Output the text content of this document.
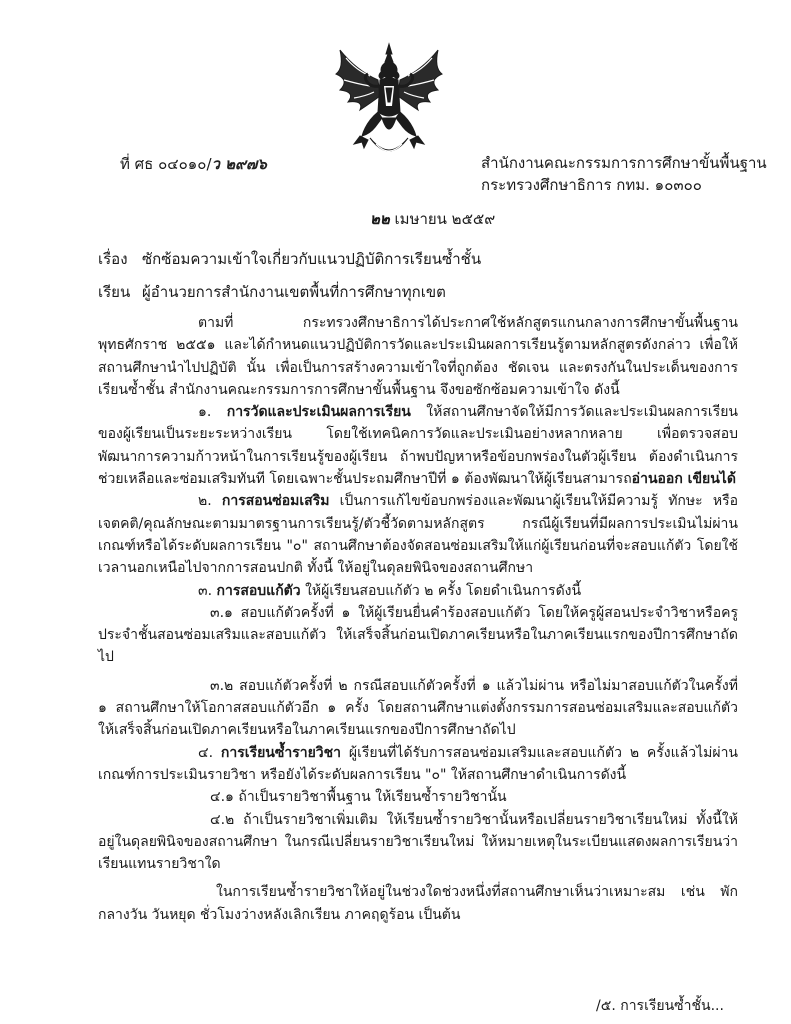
ที่ ศธ ๐๔๐๑๐/ว ๒๙๗๖	สำนักงานคณะกรรมการการศึกษาขั้นพื้นฐาน
กระทรวงศึกษาธิการ กทม. ๑๐๓๐๐
๒๒ เมษายน ๒๕๕๙
เรื่อง ซักซ้อมความเข้าใจเกี่ยวกับแนวปฏิบัติการเรียนซ้ำชั้น
เรียน ผู้อำนวยการสำนักงานเขตพื้นที่การศึกษาทุกเขต

ตามที่ กระทรวงศึกษาธิการได้ประกาศใช้หลักสูตรแกนกลางการศึกษาขั้นพื้นฐาน พุทธศักราช ๒๕๕๑ และได้กำหนดแนวปฏิบัติการวัดและประเมินผลการเรียนรู้ตามหลักสูตรดังกล่าว เพื่อให้สถานศึกษานำไปปฏิบัติ นั้น เพื่อเป็นการสร้างความเข้าใจที่ถูกต้อง ชัดเจน และตรงกันในประเด็นของการเรียนซ้ำชั้น สำนักงานคณะกรรมการการศึกษาขั้นพื้นฐาน จึงขอซักซ้อมความเข้าใจ ดังนี้

๑. การวัดและประเมินผลการเรียน ให้สถานศึกษาจัดให้มีการวัดและประเมินผลการเรียนของผู้เรียนเป็นระยะระหว่างเรียน โดยใช้เทคนิคการวัดและประเมินอย่างหลากหลาย เพื่อตรวจสอบพัฒนาการความก้าวหน้าในการเรียนรู้ของผู้เรียน ถ้าพบปัญหาหรือข้อบกพร่องในตัวผู้เรียน ต้องดำเนินการช่วยเหลือและซ่อมเสริมทันที โดยเฉพาะชั้นประถมศึกษาปีที่ ๑ ต้องพัฒนาให้ผู้เรียนสามารถอ่านออก เขียนได้

๒. การสอนซ่อมเสริม เป็นการแก้ไขข้อบกพร่องและพัฒนาผู้เรียนให้มีความรู้ ทักษะ หรือเจตคติ/คุณลักษณะตามมาตรฐานการเรียนรู้/ตัวชี้วัดตามหลักสูตร กรณีผู้เรียนที่มีผลการประเมินไม่ผ่านเกณฑ์หรือได้ระดับผลการเรียน "๐" สถานศึกษาต้องจัดสอนซ่อมเสริมให้แก่ผู้เรียนก่อนที่จะสอบแก้ตัว โดยใช้เวลานอกเหนือไปจากการสอนปกติ ทั้งนี้ ให้อยู่ในดุลยพินิจของสถานศึกษา

๓. การสอบแก้ตัว ให้ผู้เรียนสอบแก้ตัว ๒ ครั้ง โดยดำเนินการดังนี้

๓.๑ สอบแก้ตัวครั้งที่ ๑ ให้ผู้เรียนยื่นคำร้องสอบแก้ตัว โดยให้ครูผู้สอนประจำวิชาหรือครูประจำชั้นสอนซ่อมเสริมและสอบแก้ตัว ให้เสร็จสิ้นก่อนเปิดภาคเรียนหรือในภาคเรียนแรกของปีการศึกษาถัดไป

๓.๒ สอบแก้ตัวครั้งที่ ๒ กรณีสอบแก้ตัวครั้งที่ ๑ แล้วไม่ผ่าน หรือไม่มาสอบแก้ตัวในครั้งที่ ๑ สถานศึกษาให้โอกาสสอบแก้ตัวอีก ๑ ครั้ง โดยสถานศึกษาแต่งตั้งกรรมการสอนซ่อมเสริมและสอบแก้ตัว ให้เสร็จสิ้นก่อนเปิดภาคเรียนหรือในภาคเรียนแรกของปีการศึกษาถัดไป

๔. การเรียนซ้ำรายวิชา ผู้เรียนที่ได้รับการสอนซ่อมเสริมและสอบแก้ตัว ๒ ครั้งแล้วไม่ผ่านเกณฑ์การประเมินรายวิชา หรือยังได้ระดับผลการเรียน "๐" ให้สถานศึกษาดำเนินการดังนี้

๔.๑ ถ้าเป็นรายวิชาพื้นฐาน ให้เรียนซ้ำรายวิชานั้น

๔.๒ ถ้าเป็นรายวิชาเพิ่มเติม ให้เรียนซ้ำรายวิชานั้นหรือเปลี่ยนรายวิชาเรียนใหม่ ทั้งนี้ให้อยู่ในดุลยพินิจของสถานศึกษา ในกรณีเปลี่ยนรายวิชาเรียนใหม่ ให้หมายเหตุในระเบียนแสดงผลการเรียนว่าเรียนแทนรายวิชาใด

ในการเรียนซ้ำรายวิชาให้อยู่ในช่วงใดช่วงหนึ่งที่สถานศึกษาเห็นว่าเหมาะสม เช่น พักกลางวัน วันหยุด ชั่วโมงว่างหลังเลิกเรียน ภาคฤดูร้อน เป็นต้น

/๕. การเรียนซ้ำชั้น...
